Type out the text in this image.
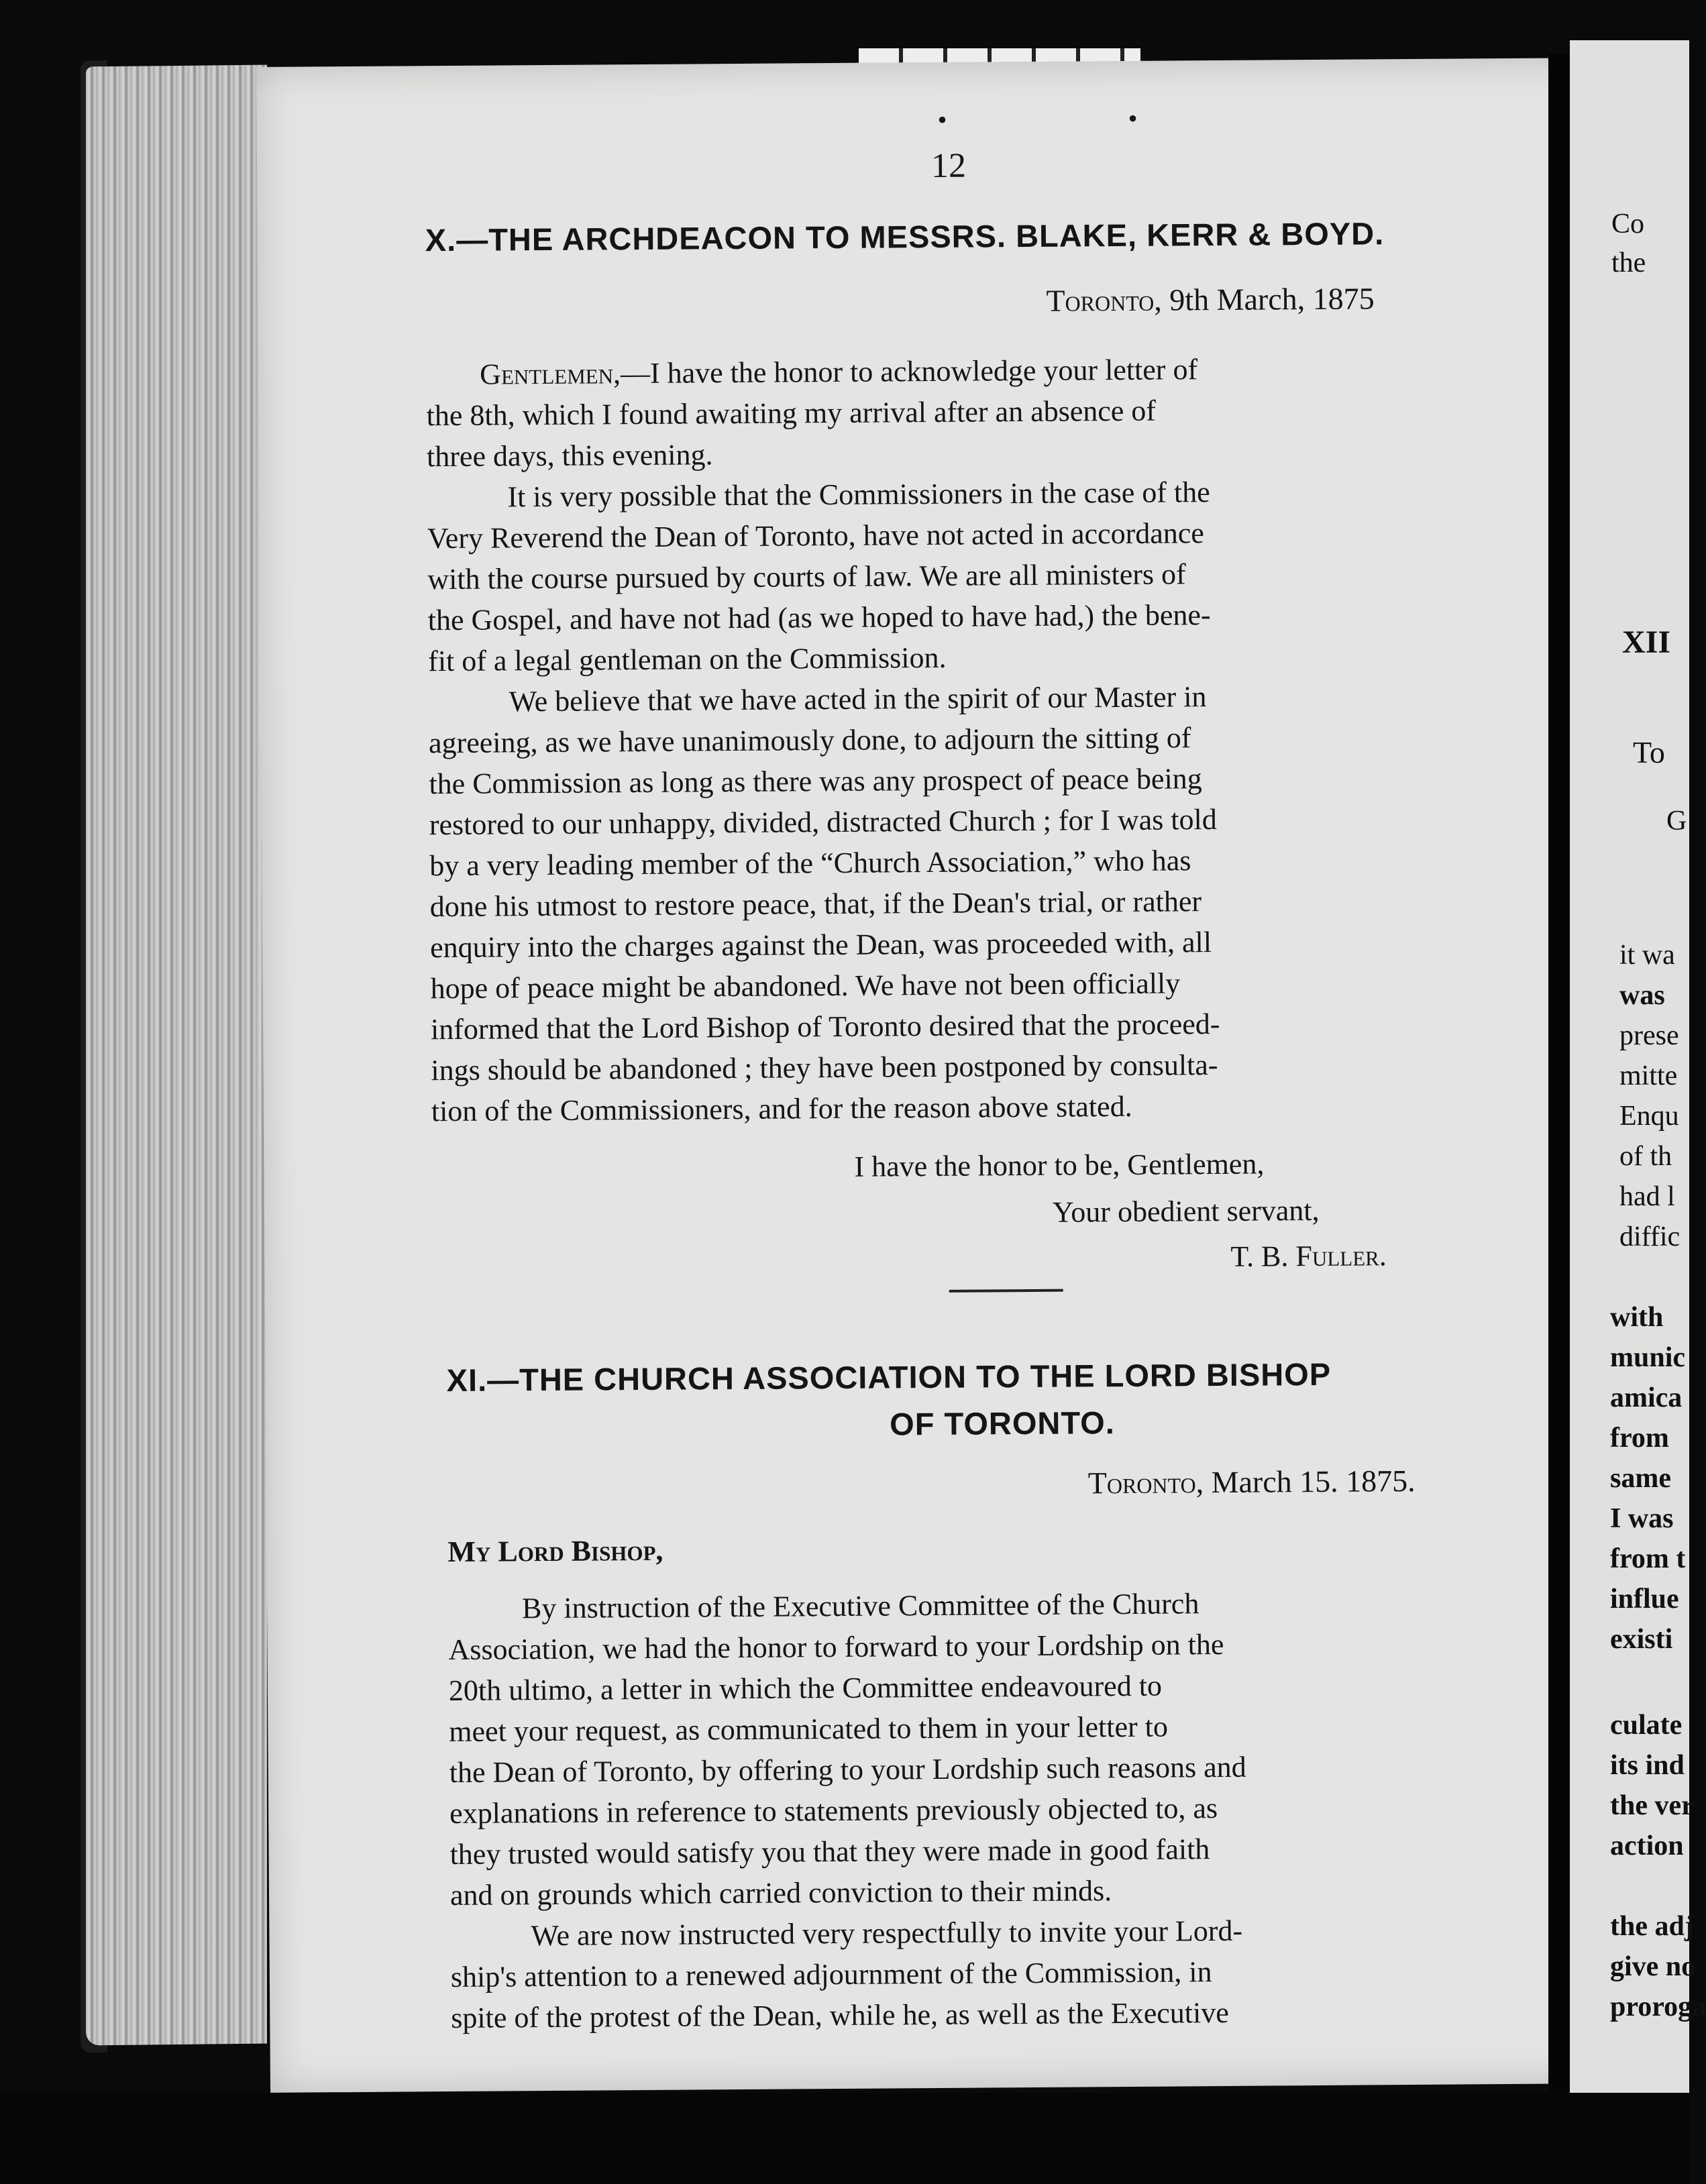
• •
12
X.—THE ARCHDEACON TO MESSRS. BLAKE, KERR & BOYD.
Toronto, 9th March, 1875
Gentlemen,—I have the honor to acknowledge your letter of
the 8th, which I found awaiting my arrival after an absence of
three days, this evening.
It is very possible that the Commissioners in the case of the
Very Reverend the Dean of Toronto, have not acted in accordance
with the course pursued by courts of law. We are all ministers of
the Gospel, and have not had (as we hoped to have had,) the bene-
fit of a legal gentleman on the Commission.
We believe that we have acted in the spirit of our Master in
agreeing, as we have unanimously done, to adjourn the sitting of
the Commission as long as there was any prospect of peace being
restored to our unhappy, divided, distracted Church ; for I was told
by a very leading member of the “Church Association,” who has
done his utmost to restore peace, that, if the Dean's trial, or rather
enquiry into the charges against the Dean, was proceeded with, all
hope of peace might be abandoned. We have not been officially
informed that the Lord Bishop of Toronto desired that the proceed-
ings should be abandoned ; they have been postponed by consulta-
tion of the Commissioners, and for the reason above stated.
I have the honor to be, Gentlemen,
Your obedient servant,
T. B. Fuller.
XI.—THE CHURCH ASSOCIATION TO THE LORD BISHOP
OF TORONTO.
Toronto, March 15. 1875.
My Lord Bishop,
By instruction of the Executive Committee of the Church
Association, we had the honor to forward to your Lordship on the
20th ultimo, a letter in which the Committee endeavoured to
meet your request, as communicated to them in your letter to
the Dean of Toronto, by offering to your Lordship such reasons and
explanations in reference to statements previously objected to, as
they trusted would satisfy you that they were made in good faith
and on grounds which carried conviction to their minds.
We are now instructed very respectfully to invite your Lord-
ship's attention to a renewed adjournment of the Commission, in
spite of the protest of the Dean, while he, as well as the Executive
Co
the
XII
To
G
it wa
was
prese
mitte
Enqu
of th
had l
diffic
with
munic
amica
from
same
I was
from t
influe
existi
culate
its ind
the ver
action
the adj
give no
proroga
